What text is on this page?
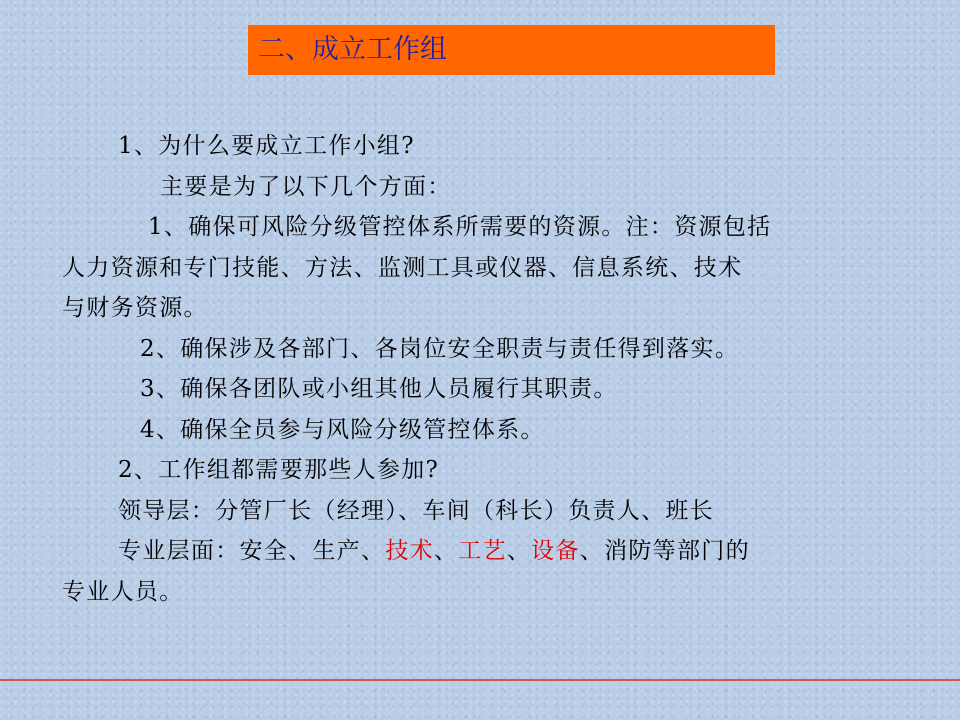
二、成立工作组

1、为什么要成立工作小组?

主要是为了以下几个方面：

1、确保可风险分级管控体系所需要的资源。注：资源包括

人力资源和专门技能、方法、监测工具或仪器、信息系统、技术

与财务资源。

2、确保涉及各部门、各岗位安全职责与责任得到落实。

3、确保各团队或小组其他人员履行其职责。

4、确保全员参与风险分级管控体系。

2、工作组都需要那些人参加?

领导层：分管厂长（经理）、车间（科长）负责人、班长

专业层面：安全、生产、技术、工艺、设备、消防等部门的

专业人员。
